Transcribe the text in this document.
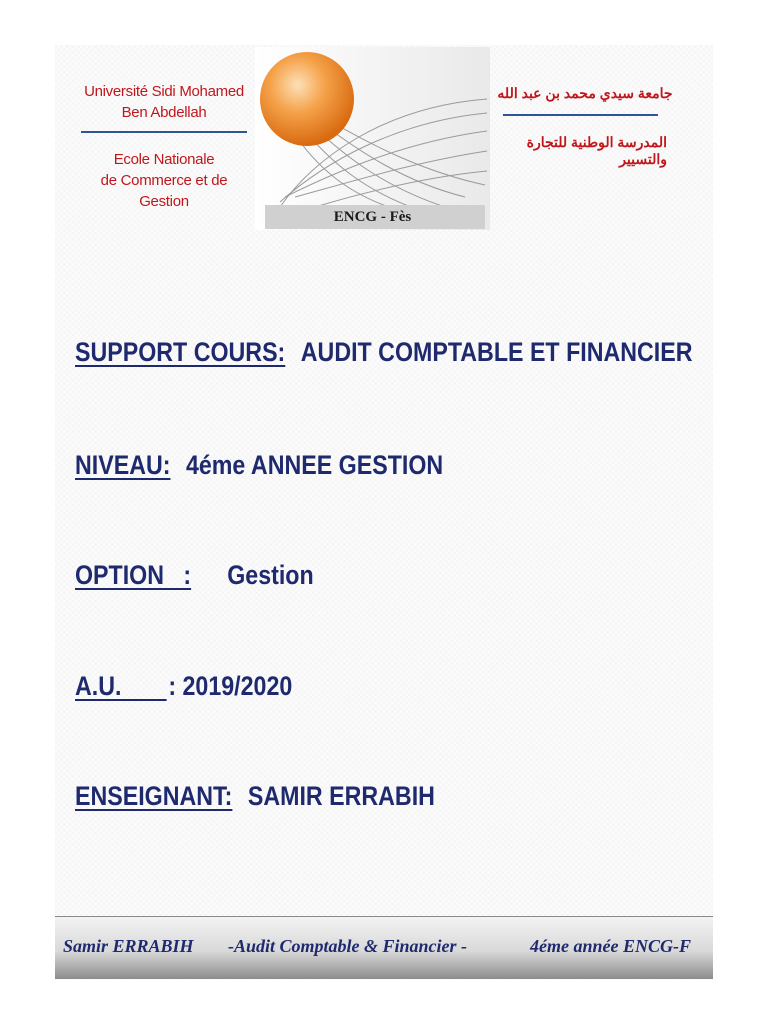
Université Sidi Mohamed Ben Abdellah
Ecole Nationale
de Commerce et de Gestion
ENCG - Fès
جامعة سيدي محمد بن عبد الله
المدرسة الوطنية للتجارة والتسيير
SUPPORT COURS: AUDIT COMPTABLE ET FINANCIER
NIVEAU: 4éme ANNEE GESTION
OPTION   : Gestion
A.U.       : 2019/2020
ENSEIGNANT: SAMIR ERRABIH
Samir ERRABIH -Audit Comptable & Financier -	4éme année ENCG-F
